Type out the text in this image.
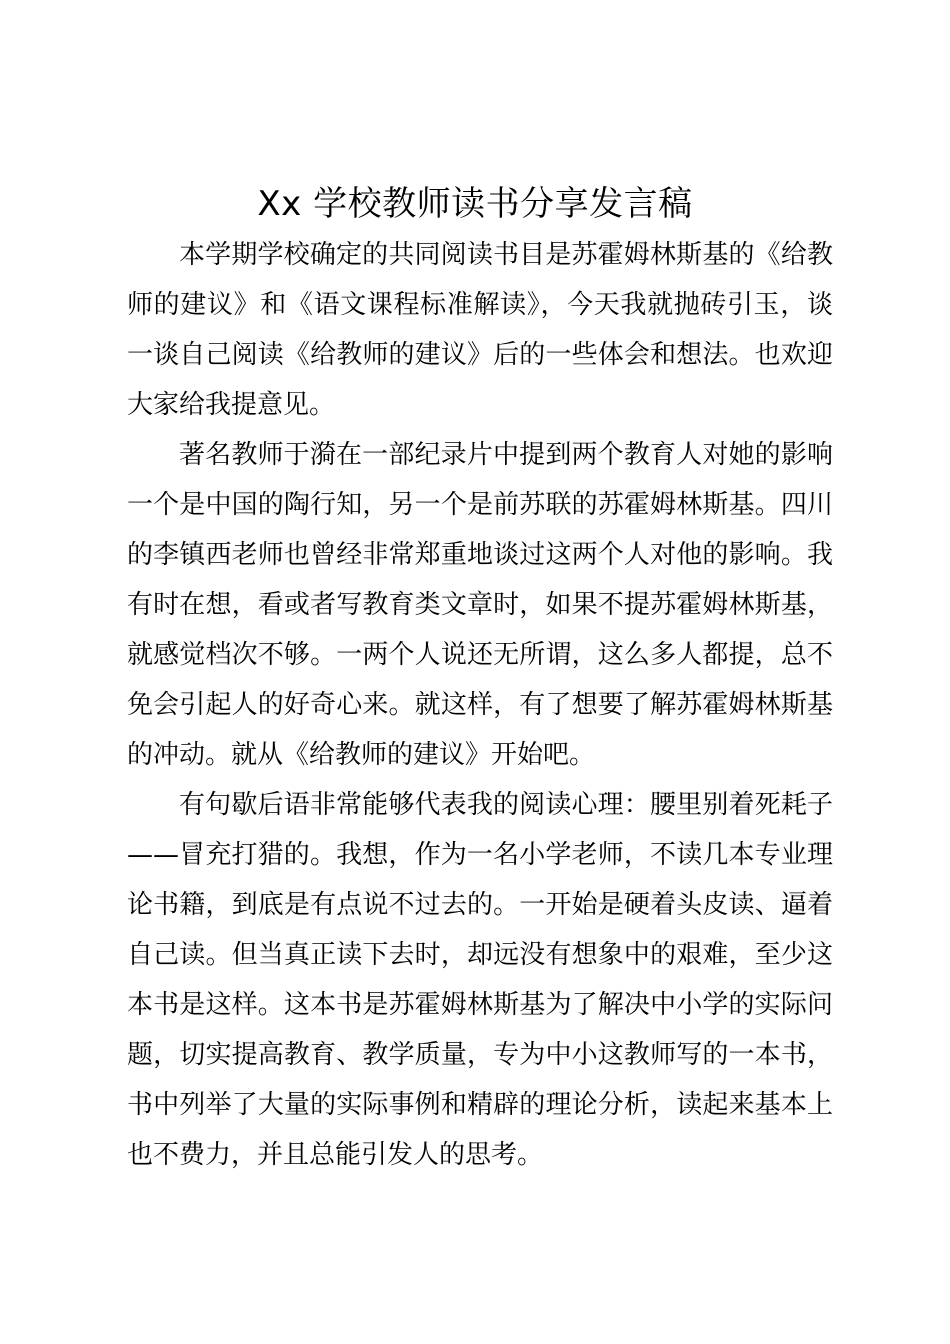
Xx 学校教师读书分享发言稿
本学期学校确定的共同阅读书目是苏霍姆林斯基的《给教
师的建议》和《语文课程标准解读》，今天我就抛砖引玉，谈
一谈自己阅读《给教师的建议》后的一些体会和想法。也欢迎
大家给我提意见。
著名教师于漪在一部纪录片中提到两个教育人对她的影响
一个是中国的陶行知，另一个是前苏联的苏霍姆林斯基。四川
的李镇西老师也曾经非常郑重地谈过这两个人对他的影响。我
有时在想，看或者写教育类文章时，如果不提苏霍姆林斯基，
就感觉档次不够。一两个人说还无所谓，这么多人都提，总不
免会引起人的好奇心来。就这样，有了想要了解苏霍姆林斯基
的冲动。就从《给教师的建议》开始吧。
有句歇后语非常能够代表我的阅读心理：腰里别着死耗子
——冒充打猎的。我想，作为一名小学老师，不读几本专业理
论书籍，到底是有点说不过去的。一开始是硬着头皮读、逼着
自己读。但当真正读下去时，却远没有想象中的艰难，至少这
本书是这样。这本书是苏霍姆林斯基为了解决中小学的实际问
题，切实提高教育、教学质量，专为中小这教师写的一本书，
书中列举了大量的实际事例和精辟的理论分析，读起来基本上
也不费力，并且总能引发人的思考。
